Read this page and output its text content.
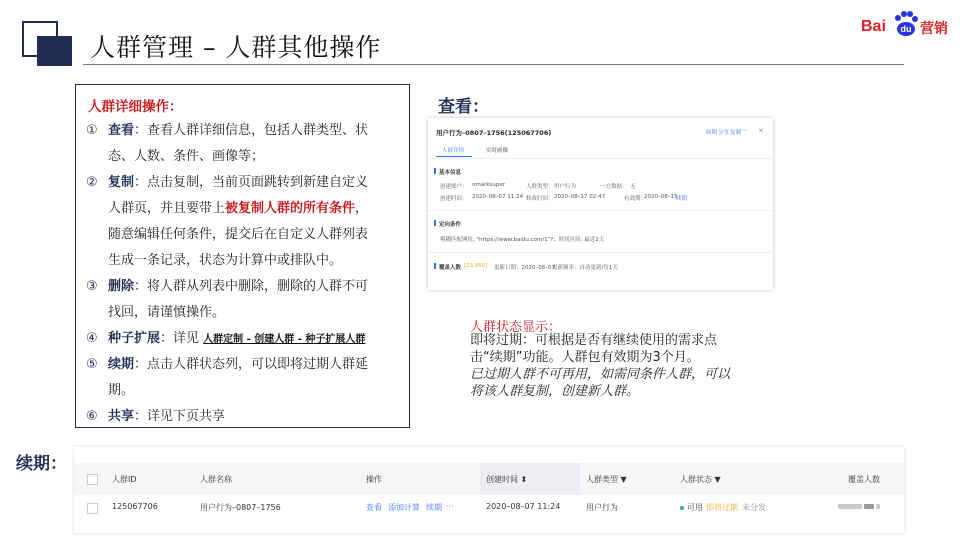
人群管理 – 人群其他操作
Bai du 营销
人群详细操作：
① 查看：查看人群详细信息，包括人群类型、状
态、人数、条件、画像等；
② 复制：点击复制，当前页面跳转到新建自定义
人群页，并且要带上被复制人群的所有条件，
随意编辑任何条件，提交后在自定义人群列表
生成一条记录，状态为计算中或排队中。
③ 删除：将人群从列表中删除，删除的人群不可
找回，请谨慎操作。
④ 种子扩展：详见 人群定制 - 创建人群 - 种子扩展人群
⑤ 续期：点击人群状态列，可以即将过期人群延
期。
⑥ 共享：详见下页共享
查看：
用户行为–0807–1756(125067706)	续期 分享 复制 ··· ✕
人群详情	实时画像
基本信息
创建账户： omarksuper	人群类型： 用户行为	一方数据： 无
创建时间： 2020–08–07 11:24 修改时间： 2020–08–17 02:47	有效期：
2020–08–15
续期
定向条件
模糊匹配网址, "https://www.baidu.com/1"?；时间区间: 最近2天
覆盖人数 [23,456] 更新日期：2020–08–07
更新频率：自动更新/每1天
人群状态显示：
即将过期：可根据是否有继续使用的需求点击“续期”功能。人群包有效期为3个月。
已过期人群不可再用，如需同条件人群，可以将该人群复制，创建新人群。
续期：
人群ID	人群名称	操作	创建时间 ⬍	人群类型 ▼	人群状态 ▼	覆盖人数
125067706	用户行为–0807–1756	查看 添加计算 续期 ···	2020–08–07 11:24	用户行为	可用 即将过期 未分发
